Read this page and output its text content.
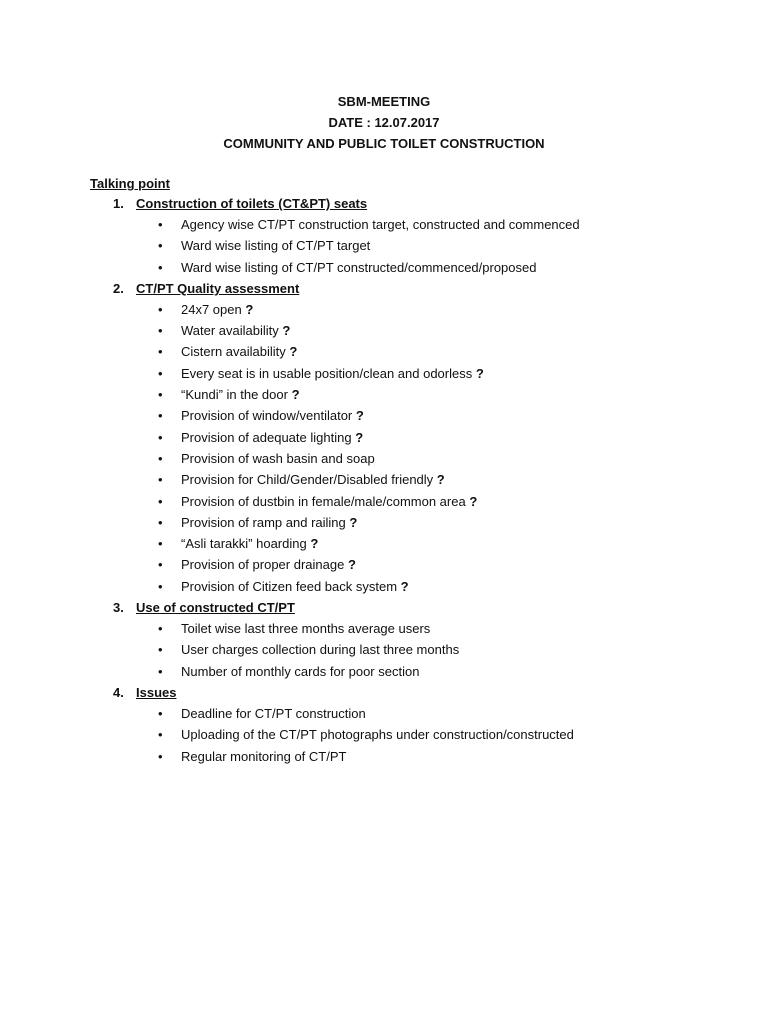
SBM-MEETING

DATE : 12.07.2017

COMMUNITY AND PUBLIC TOILET CONSTRUCTION

Talking point

1. Construction of toilets (CT&PT) seats
• Agency wise CT/PT construction target, constructed and commenced
• Ward wise listing of CT/PT target
• Ward wise listing of CT/PT constructed/commenced/proposed
2. CT/PT Quality assessment
• 24x7 open ?
• Water availability ?
• Cistern availability ?
• Every seat is in usable position/clean and odorless ?
• “Kundi” in the door ?
• Provision of window/ventilator ?
• Provision of adequate lighting ?
• Provision of wash basin and soap
• Provision for Child/Gender/Disabled friendly ?
• Provision of dustbin in female/male/common area ?
• Provision of ramp and railing ?
• “Asli tarakki” hoarding ?
• Provision of proper drainage ?
• Provision of Citizen feed back system ?
3. Use of constructed CT/PT
• Toilet wise last three months average users
• User charges collection during last three months
• Number of monthly cards for poor section
4. Issues
• Deadline for CT/PT construction
• Uploading of the CT/PT photographs under construction/constructed
• Regular monitoring of CT/PT
